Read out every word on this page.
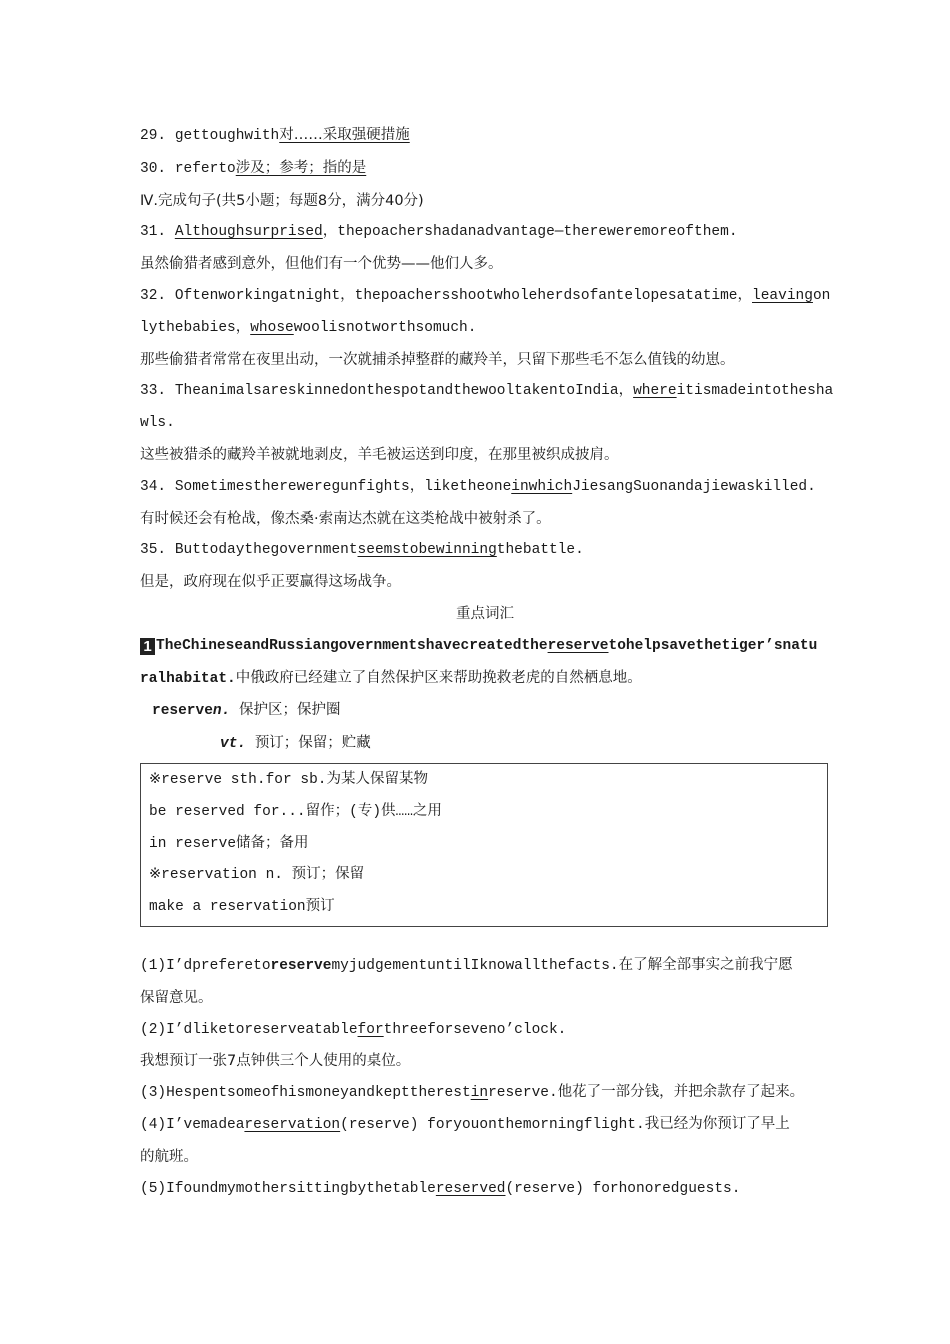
29. gettoughwith对……采取强硬措施
30. referto涉及；参考；指的是
Ⅳ.完成句子(共5小题；每题8分，满分40分)
31. Althoughsurprised，thepoachershadanadvantage—thereweremoreofthem.
虽然偷猎者感到意外，但他们有一个优势——他们人多。
32. Oftenworkingatnight，thepoachersshootwholeherdsofantelopesatatime，leavingon
lythebabies，whosewoolisnotworthsomuch.
那些偷猎者常常在夜里出动，一次就捕杀掉整群的藏羚羊，只留下那些毛不怎么值钱的幼崽。
33. TheanimalsareskinnedonthespotandthewooltakentoIndia，whereitismadeintothesha
wls.
这些被猎杀的藏羚羊被就地剥皮，羊毛被运送到印度，在那里被织成披肩。
34. Sometimesthereweregunfights，liketheoneinwhichJiesangSuonandajiewaskilled.
有时候还会有枪战，像杰桑·索南达杰就在这类枪战中被射杀了。
35. Buttodaythegovernmentseemstobewinningthebattle.
但是，政府现在似乎正要赢得这场战争。
重点词汇
1 TheChineseandRussiangovernmentshavecreatedthereservetohelpsavethetiger’snatu
ralhabitat.中俄政府已经建立了自然保护区来帮助挽救老虎的自然栖息地。
reserven. 保护区；保护圈
vt. 预订；保留；贮藏
※reserve sth.for sb.为某人保留某物
be reserved for...留作；(专)供……之用
in reserve储备；备用
※reservation n. 预订；保留
make a reservation预订
(1)I’dpreferetoreservemyjudgementuntilIknowallthefacts.在了解全部事实之前我宁愿
保留意见。
(2)I’dliketoreserveatableforthreeforseveno’clock.
我想预订一张7点钟供三个人使用的桌位。
(3)Hespentsomeofhismoneyandkepttherestinreserve.他花了一部分钱，并把余款存了起来。
(4)I’vemadeareservation(reserve) foryouonthemorningflight.我已经为你预订了早上
的航班。
(5)Ifoundmymothersittingbythetablereserved(reserve) forhonoredguests.
